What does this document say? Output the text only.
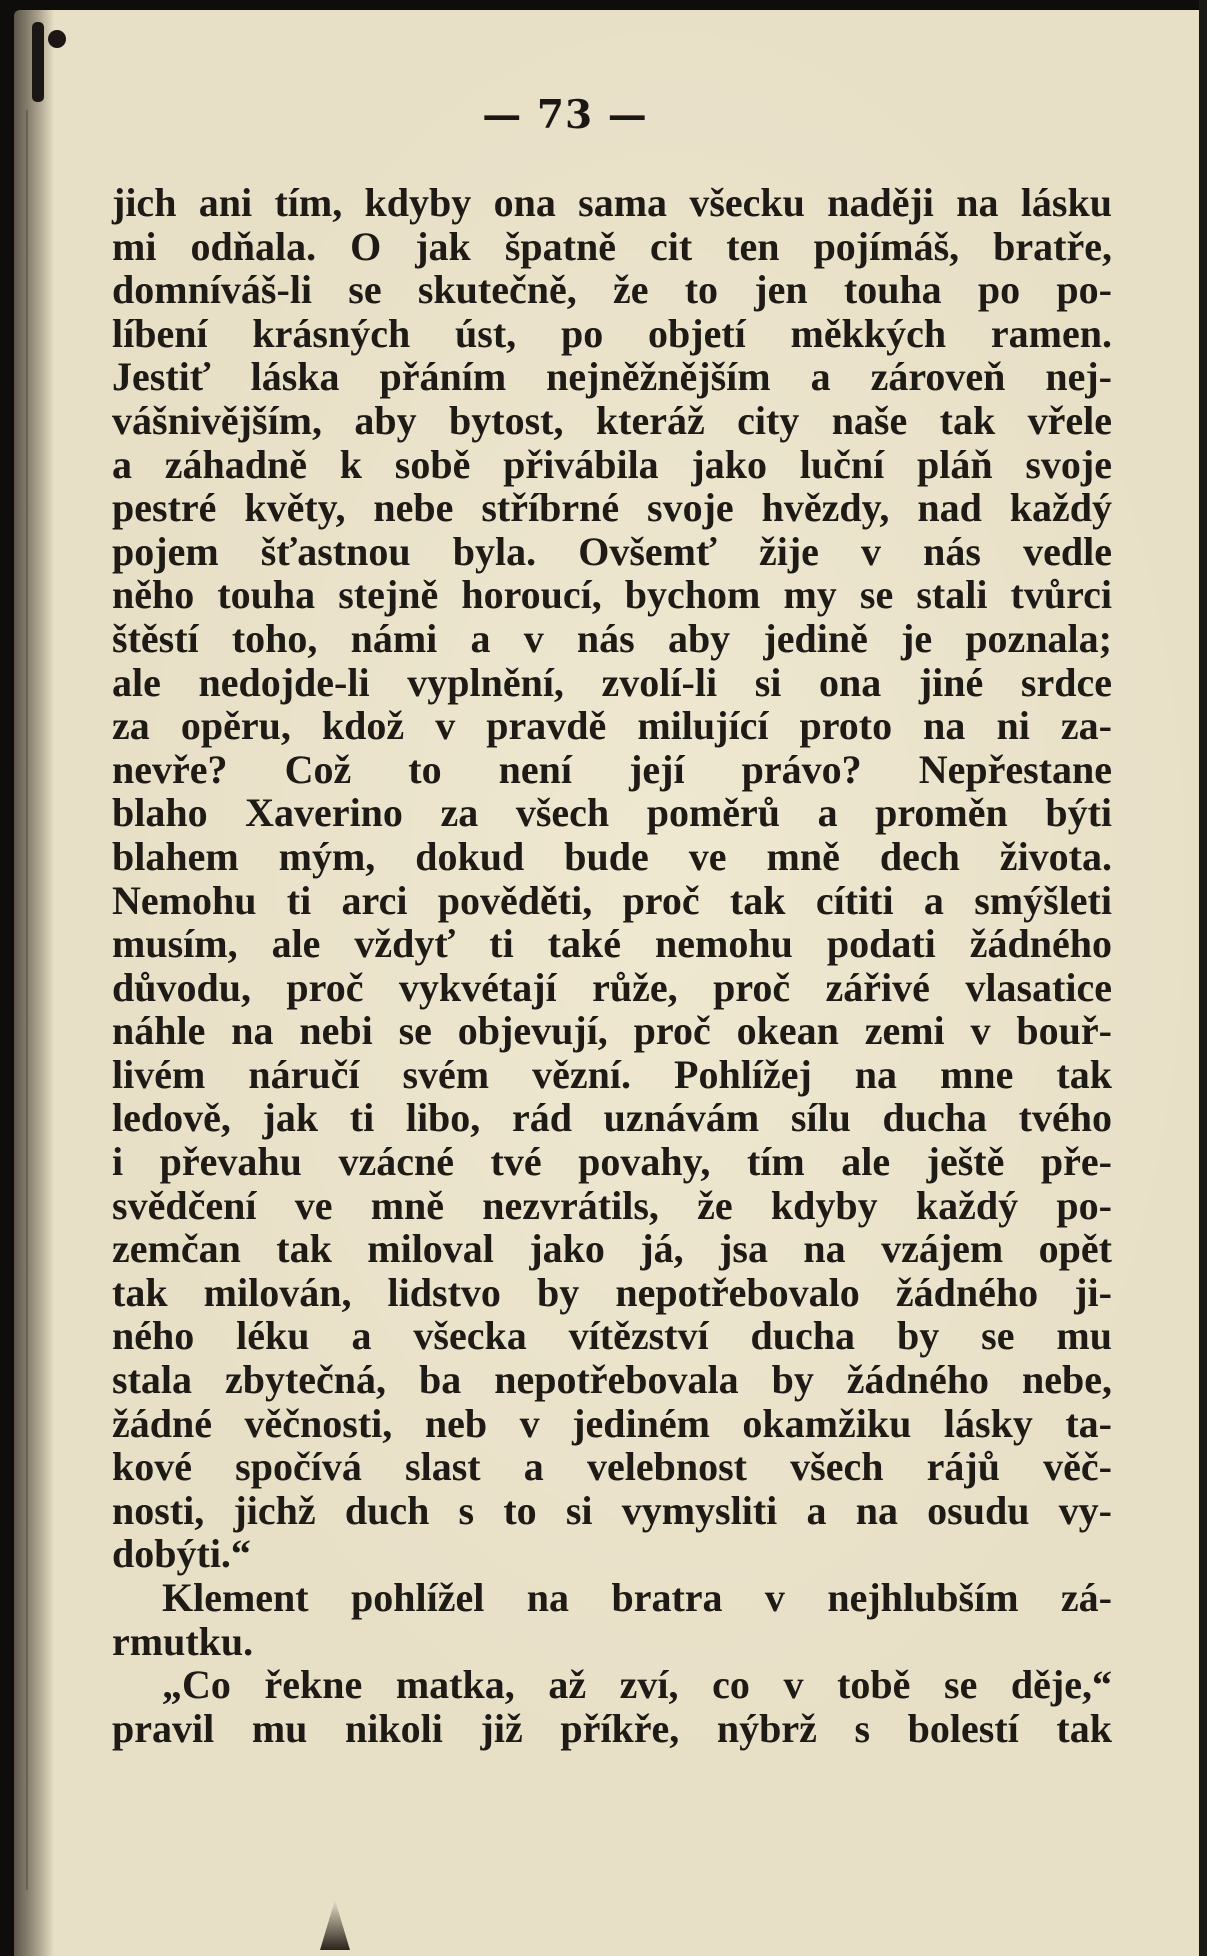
— 73 —
jich ani tím, kdyby ona sama všecku naději na lásku
mi odňala. O jak špatně cit ten pojímáš, bratře,
domníváš-li se skutečně, že to jen touha po po-
líbení krásných úst, po objetí měkkých ramen.
Jestiť láska přáním nejněžnějším a zároveň nej-
vášnivějším, aby bytost, kteráž city naše tak vřele
a záhadně k sobě přivábila jako luční pláň svoje
pestré květy, nebe stříbrné svoje hvězdy, nad každý
pojem šťastnou byla. Ovšemť žije v nás vedle
něho touha stejně horoucí, bychom my se stali tvůrci
štěstí toho, námi a v nás aby jedině je poznala;
ale nedojde-li vyplnění, zvolí-li si ona jiné srdce
za opěru, kdož v pravdě milující proto na ni za-
nevře? Což to není její právo? Nepřestane
blaho Xaverino za všech poměrů a proměn býti
blahem mým, dokud bude ve mně dech života.
Nemohu ti arci pověděti, proč tak cítiti a smýšleti
musím, ale vždyť ti také nemohu podati žádného
důvodu, proč vykvétají růže, proč zářivé vlasatice
náhle na nebi se objevují, proč okean zemi v bouř-
livém náručí svém vězní. Pohlížej na mne tak
ledově, jak ti libo, rád uznávám sílu ducha tvého
i převahu vzácné tvé povahy, tím ale ještě pře-
svědčení ve mně nezvrátils, že kdyby každý po-
zemčan tak miloval jako já, jsa na vzájem opět
tak milován, lidstvo by nepotřebovalo žádného ji-
ného léku a všecka vítězství ducha by se mu
stala zbytečná, ba nepotřebovala by žádného nebe,
žádné věčnosti, neb v jediném okamžiku lásky ta-
kové spočívá slast a velebnost všech rájů věč-
nosti, jichž duch s to si vymysliti a na osudu vy-
dobýti.“
Klement pohlížel na bratra v nejhlubším zá-
rmutku.
„Co řekne matka, až zví, co v tobě se děje,“
pravil mu nikoli již příkře, nýbrž s bolestí tak
